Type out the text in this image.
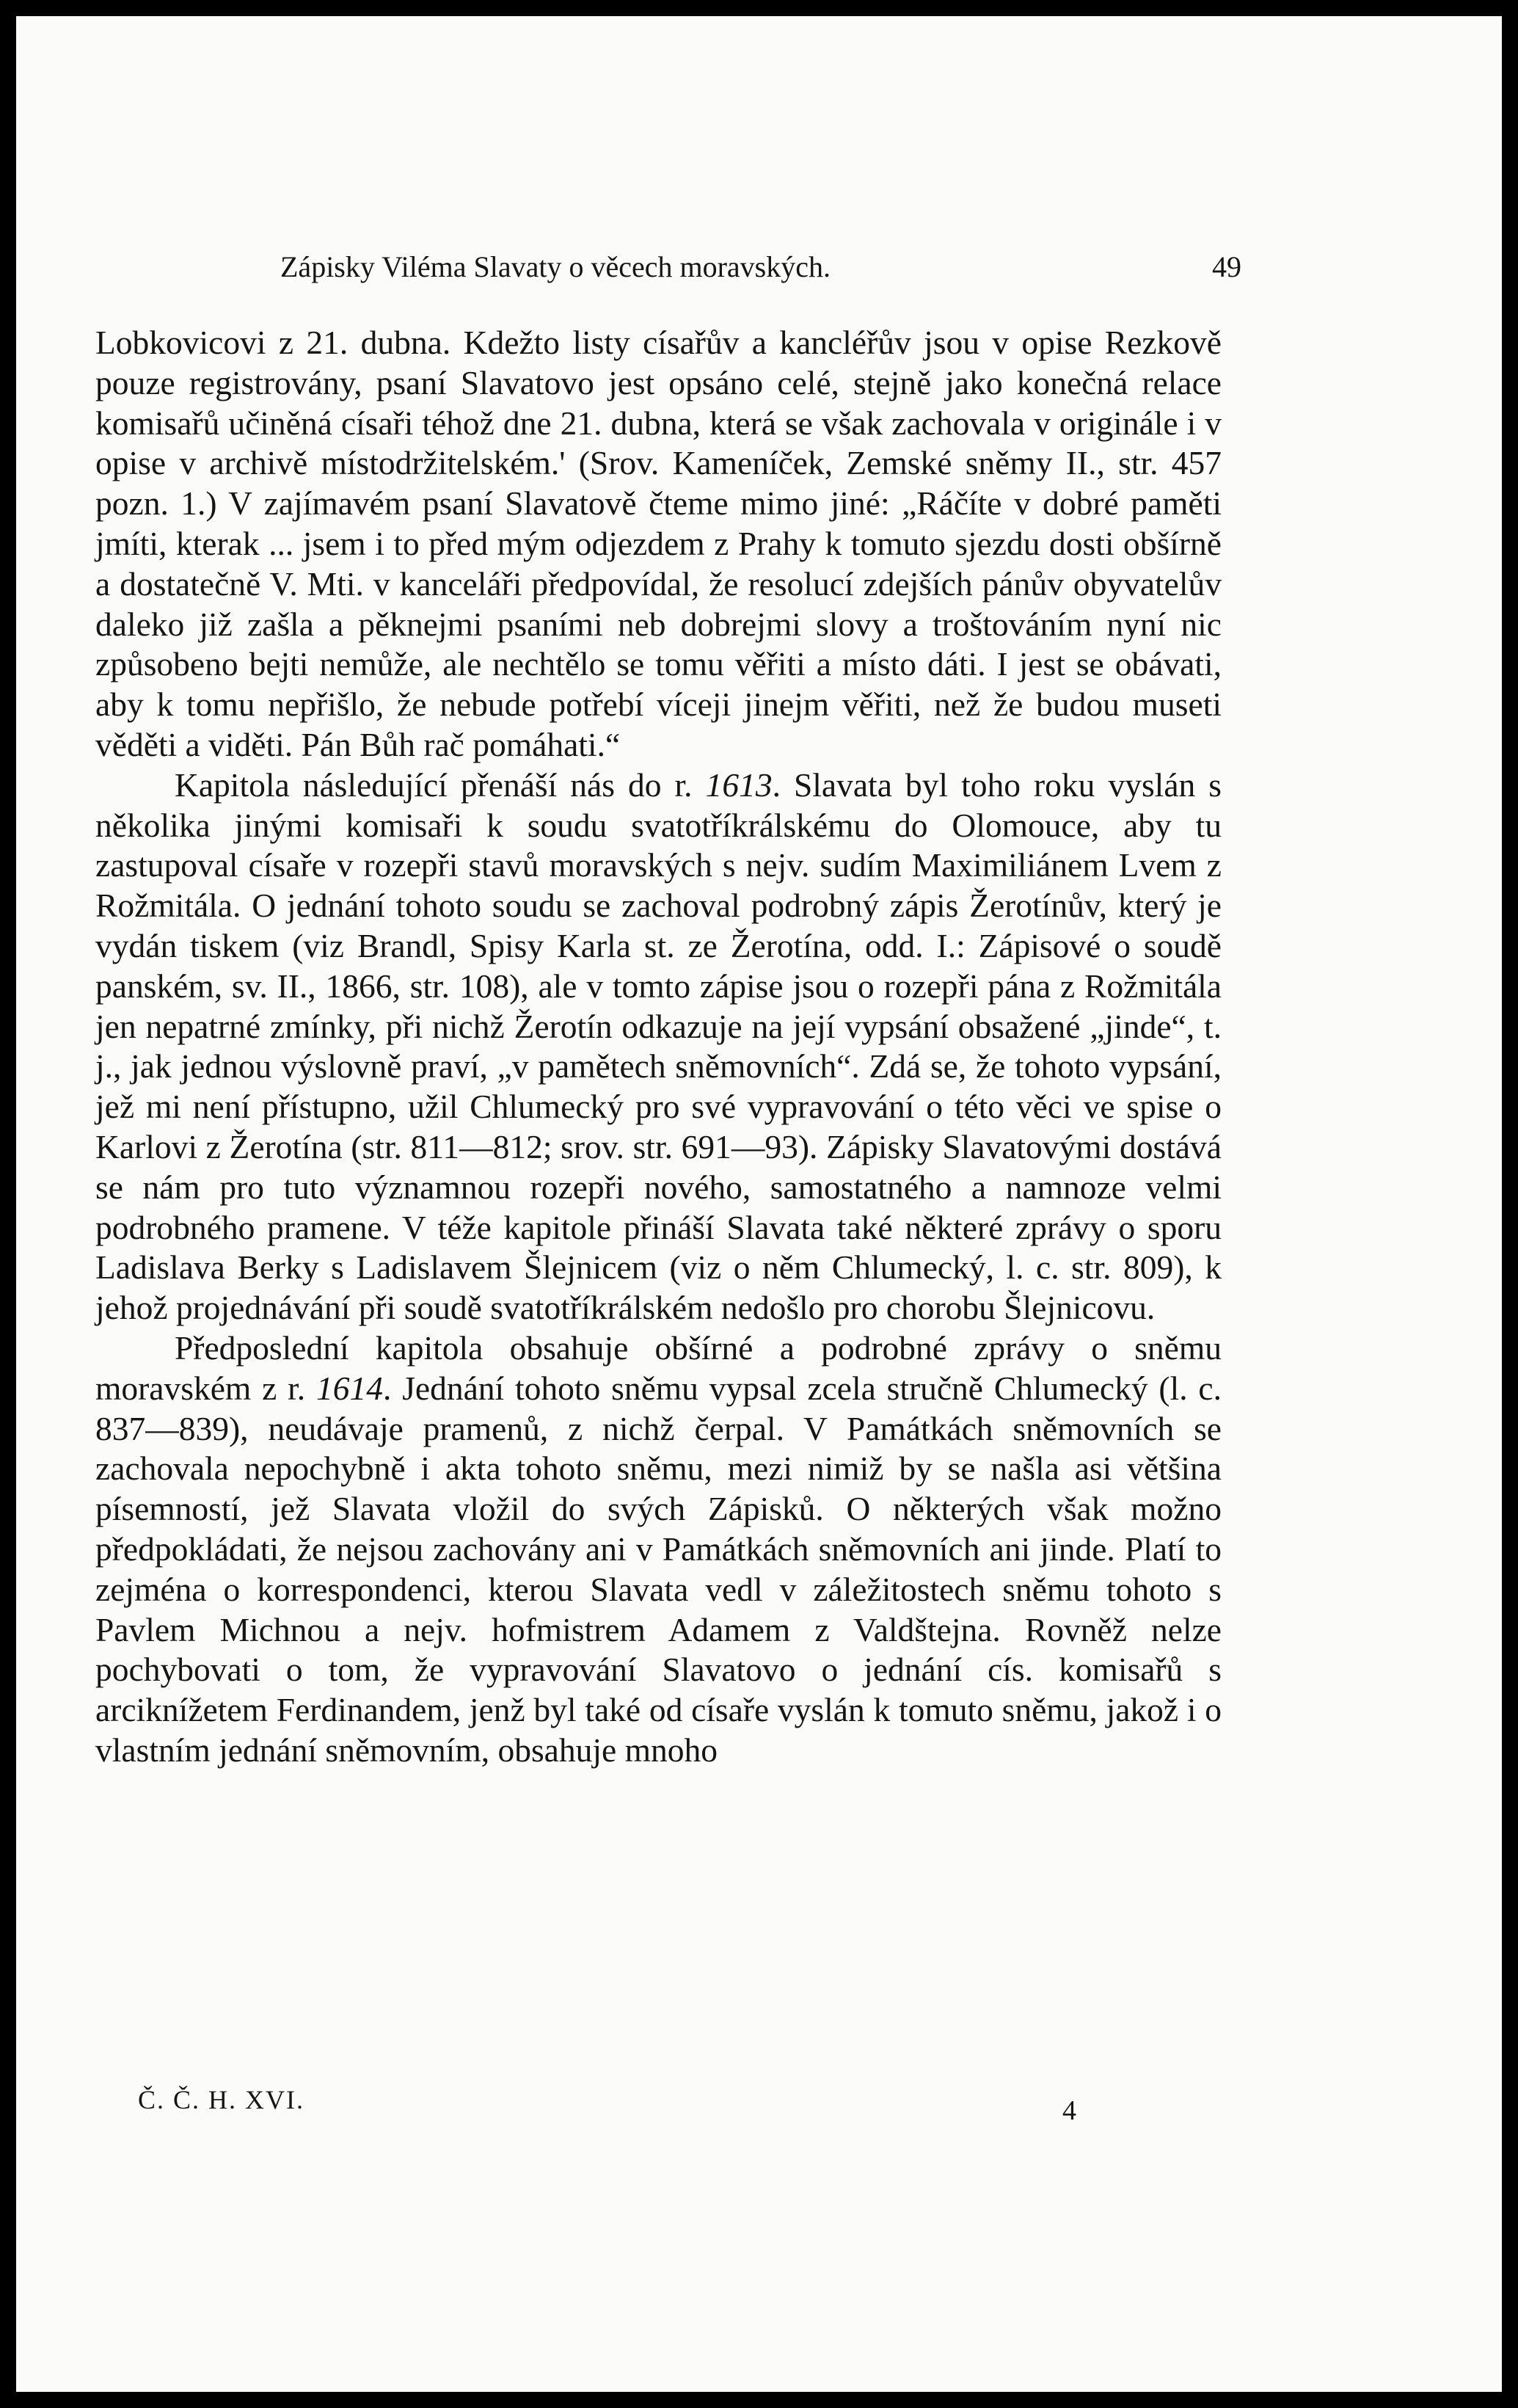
Zápisky Viléma Slavaty o věcech moravských.	49

Lobkovicovi z 21. dubna. Kdežto listy císařův a kancléřův jsou v opise Rezkově pouze registrovány, psaní Slavatovo jest opsáno celé, stejně jako konečná relace komisařů učiněná císaři téhož dne 21. dubna, která se však zachovala v originále i v opise v archivě místodržitelském.' (Srov. Kameníček, Zemské sněmy II., str. 457 pozn. 1.) V zajímavém psaní Slavatově čteme mimo jiné: „Ráčíte v dobré paměti jmíti, kterak ... jsem i to před mým odjezdem z Prahy k tomuto sjezdu dosti obšírně a dostatečně V. Mti. v kanceláři předpovídal, že resolucí zdejších pánův obyvatelův daleko již zašla a pěknejmi psaními neb dobrejmi slovy a troštováním nyní nic způsobeno bejti nemůže, ale nechtělo se tomu věřiti a místo dáti. I jest se obávati, aby k tomu nepřišlo, že nebude potřebí víceji jinejm věřiti, než že budou museti věděti a viděti. Pán Bůh rač pomáhati.“

Kapitola následující přenáší nás do r. 1613. Slavata byl toho roku vyslán s několika jinými komisaři k soudu svatotříkrálskému do Olomouce, aby tu zastupoval císaře v rozepři stavů moravských s nejv. sudím Maximiliánem Lvem z Rožmitála. O jednání tohoto soudu se zachoval podrobný zápis Žerotínův, který je vydán tiskem (viz Brandl, Spisy Karla st. ze Žerotína, odd. I.: Zápisové o soudě panském, sv. II., 1866, str. 108), ale v tomto zápise jsou o rozepři pána z Rožmitála jen nepatrné zmínky, při nichž Žerotín odkazuje na její vypsání obsažené „jinde“, t. j., jak jednou výslovně praví, „v pamětech sněmovních“. Zdá se, že tohoto vypsání, jež mi není přístupno, užil Chlumecký pro své vypravování o této věci ve spise o Karlovi z Žerotína (str. 811—812; srov. str. 691—93). Zápisky Slavatovými dostává se nám pro tuto významnou rozepři nového, samostatného a namnoze velmi podrobného pramene. V téže kapitole přináší Slavata také některé zprávy o sporu Ladislava Berky s Ladislavem Šlejnicem (viz o něm Chlumecký, l. c. str. 809), k jehož projednávání při soudě svatotříkrálském nedošlo pro chorobu Šlejnicovu.

Předposlední kapitola obsahuje obšírné a podrobné zprávy o sněmu moravském z r. 1614. Jednání tohoto sněmu vypsal zcela stručně Chlumecký (l. c. 837—839), neudávaje pramenů, z nichž čerpal. V Památkách sněmovních se zachovala nepochybně i akta tohoto sněmu, mezi nimiž by se našla asi většina písemností, jež Slavata vložil do svých Zápisků. O některých však možno předpokládati, že nejsou zachovány ani v Památkách sněmovních ani jinde. Platí to zejména o korrespondenci, kterou Slavata vedl v záležitostech sněmu tohoto s Pavlem Michnou a nejv. hofmistrem Adamem z Valdštejna. Rovněž nelze pochybovati o tom, že vypravování Slavatovo o jednání cís. komisařů s arciknížetem Ferdinandem, jenž byl také od císaře vyslán k tomuto sněmu, jakož i o vlastním jednání sněmovním, obsahuje mnoho

Č. Č. H. XVI.	4
